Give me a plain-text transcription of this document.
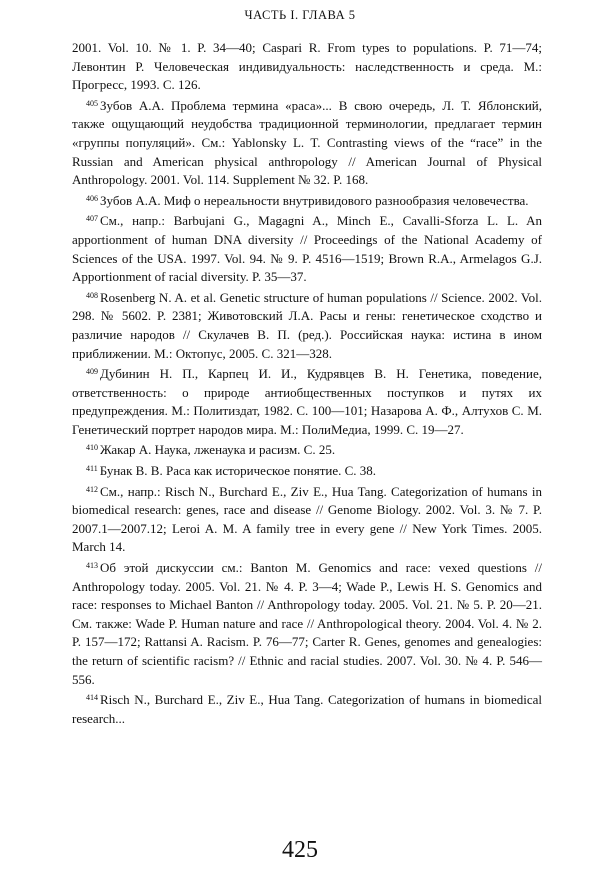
ЧАСТЬ I. ГЛАВА 5

2001. Vol. 10. № 1. P. 34—40; Caspari R. From types to populations. P. 71—74; Левонтин Р. Человеческая индивидуальность: наследственность и среда. М.: Прогресс, 1993. С. 126.

$^{405}$ Зубов А.А. Проблема термина «раса»... В свою очередь, Л. Т. Яблонский, также ощущающий неудобства традиционной терминологии, предлагает термин «группы популяций». См.: Yablonsky L. T. Contrasting views of the “race” in the Russian and American physical anthropology // American Journal of Physical Anthropology. 2001. Vol. 114. Supplement № 32. P. 168.

$^{406}$ Зубов А.А. Миф о нереальности внутривидового разнообразия человечества.

$^{407}$ См., напр.: Barbujani G., Magagni A., Minch E., Cavalli-Sforza L. L. An apportionment of human DNA diversity // Proceedings of the National Academy of Sciences of the USA. 1997. Vol. 94. № 9. P. 4516—1519; Brown R.A., Armelagos G.J. Apportionment of racial diversity. P. 35—37.

$^{408}$ Rosenberg N. A. et al. Genetic structure of human populations // Science. 2002. Vol. 298. № 5602. P. 2381; Животовский Л.А. Расы и гены: генетическое сходство и различие народов // Скулачев В. П. (ред.). Российская наука: истина в ином приближении. М.: Октопус, 2005. С. 321—328.

$^{409}$ Дубинин Н. П., Карпец И. И., Кудрявцев В. Н. Генетика, поведение, ответственность: о природе антиобщественных поступков и путях их предупреждения. М.: Политиздат, 1982. С. 100—101; Назарова А. Ф., Алтухов С. М. Генетический портрет народов мира. М.: ПолиМедиа, 1999. С. 19—27.

$^{410}$ Жакар А. Наука, лженаука и расизм. С. 25.

$^{411}$ Бунак В. В. Раса как историческое понятие. С. 38.

$^{412}$ См., напр.: Risch N., Burchard E., Ziv E., Hua Tang. Categorization of humans in biomedical research: genes, race and disease // Genome Biology. 2002. Vol. 3. № 7. P. 2007.1—2007.12; Leroi A. M. A family tree in every gene // New York Times. 2005. March 14.

$^{413}$ Об этой дискуссии см.: Banton M. Genomics and race: vexed questions // Anthropology today. 2005. Vol. 21. № 4. P. 3—4; Wade P., Lewis H. S. Genomics and race: responses to Michael Banton // Anthropology today. 2005. Vol. 21. № 5. P. 20—21. См. также: Wade P. Human nature and race // Anthropological theory. 2004. Vol. 4. № 2. P. 157—172; Rattansi A. Racism. P. 76—77; Carter R. Genes, genomes and genealogies: the return of scientific racism? // Ethnic and racial studies. 2007. Vol. 30. № 4. P. 546—556.

$^{414}$ Risch N., Burchard E., Ziv E., Hua Tang. Categorization of humans in biomedical research...

425
